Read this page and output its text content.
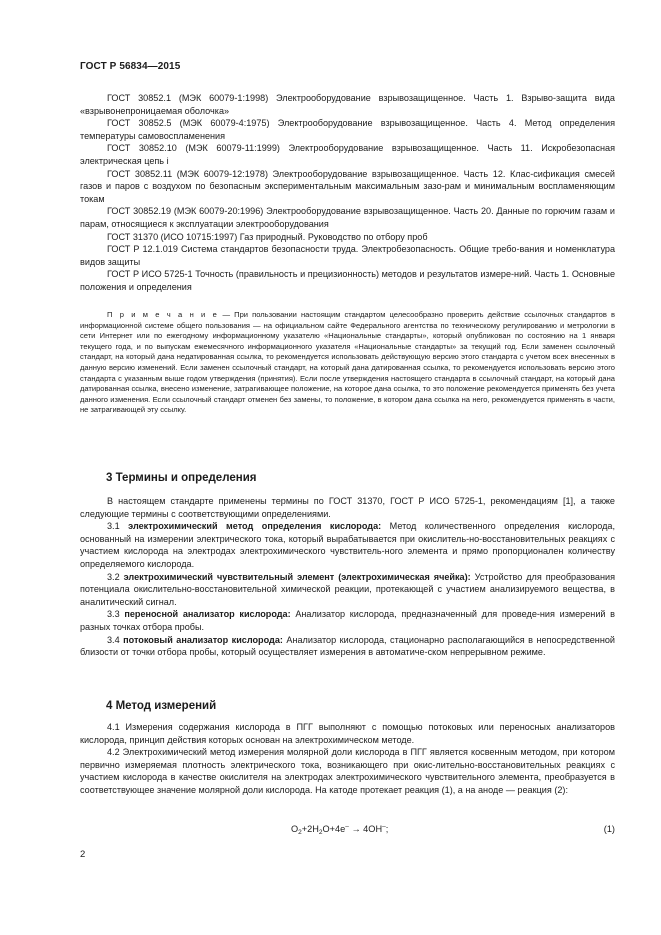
ГОСТ Р 56834—2015

ГОСТ 30852.1 (МЭК 60079-1:1998) Электрооборудование взрывозащищенное. Часть 1. Взрыво-защита вида «взрывонепроницаемая оболочка»

ГОСТ 30852.5 (МЭК 60079-4:1975) Электрооборудование взрывозащищенное. Часть 4. Метод определения температуры самовоспламенения

ГОСТ 30852.10 (МЭК 60079-11:1999) Электрооборудование взрывозащищенное. Часть 11. Искробезопасная электрическая цепь i

ГОСТ 30852.11 (МЭК 60079-12:1978) Электрооборудование взрывозащищенное. Часть 12. Клас-сификация смесей газов и паров с воздухом по безопасным экспериментальным максимальным зазо-рам и минимальным воспламеняющим токам

ГОСТ 30852.19 (МЭК 60079-20:1996) Электрооборудование взрывозащищенное. Часть 20. Данные по горючим газам и парам, относящиеся к эксплуатации электрооборудования

ГОСТ 31370 (ИСО 10715:1997) Газ природный. Руководство по отбору проб

ГОСТ Р 12.1.019 Система стандартов безопасности труда. Электробезопасность. Общие требо-вания и номенклатура видов защиты

ГОСТ Р ИСО 5725-1 Точность (правильность и прецизионность) методов и результатов измере-ний. Часть 1. Основные положения и определения

П р и м е ч а н и е — При пользовании настоящим стандартом целесообразно проверить действие ссылочных стандартов в информационной системе общего пользования — на официальном сайте Федерального агентства по техническому регулированию и метрологии в сети Интернет или по ежегодному информационному указателю «Национальные стандарты», который опубликован по состоянию на 1 января текущего года, и по выпускам ежемесячного информационного указателя «Национальные стандарты» за текущий год. Если заменен ссылочный стандарт, на который дана недатированная ссылка, то рекомендуется использовать действующую версию этого стандарта с учетом всех внесенных в данную версию изменений. Если заменен ссылочный стандарт, на который дана датированная ссылка, то рекомендуется использовать версию этого стандарта с указанным выше годом утверждения (принятия). Если после утверждения настоящего стандарта в ссылочный стандарт, на который дана датированная ссылка, внесено изменение, затрагивающее положение, на которое дана ссылка, то это положение рекомендуется применять без учета данного изменения. Если ссылочный стандарт отменен без замены, то положение, в котором дана ссылка на него, рекомендуется применять в части, не затрагивающей эту ссылку.

3 Термины и определения

В настоящем стандарте применены термины по ГОСТ 31370, ГОСТ Р ИСО 5725-1, рекомендациям [1], а также следующие термины с соответствующими определениями.

3.1 электрохимический метод определения кислорода: Метод количественного определения кислорода, основанный на измерении электрического тока, который вырабатывается при окислитель-но-восстановительных реакциях с участием кислорода на электродах электрохимического чувствитель-ного элемента и прямо пропорционален количеству определяемого кислорода.

3.2 электрохимический чувствительный элемент (электрохимическая ячейка): Устройство для преобразования потенциала окислительно-восстановительной химической реакции, протекающей с участием анализируемого вещества, в аналитический сигнал.

3.3 переносной анализатор кислорода: Анализатор кислорода, предназначенный для проведе-ния измерений в разных точках отбора пробы.

3.4 потоковый анализатор кислорода: Анализатор кислорода, стационарно располагающийся в непосредственной близости от точки отбора пробы, который осуществляет измерения в автоматиче-ском непрерывном режиме.

4 Метод измерений

4.1 Измерения содержания кислорода в ПГГ выполняют с помощью потоковых или переносных анализаторов кислорода, принцип действия которых основан на электрохимическом методе.

4.2 Электрохимический метод измерения молярной доли кислорода в ПГГ является косвенным методом, при котором первично измеряемая плотность электрического тока, возникающего при окис-лительно-восстановительных реакциях с участием кислорода в качестве окислителя на электродах электрохимического чувствительного элемента, преобразуется в соответствующее значение молярной доли кислорода. На катоде протекает реакция (1), а на аноде — реакция (2):

$O_2+2H_2O+4e^- \to 4OH^-$;	(1)
2
